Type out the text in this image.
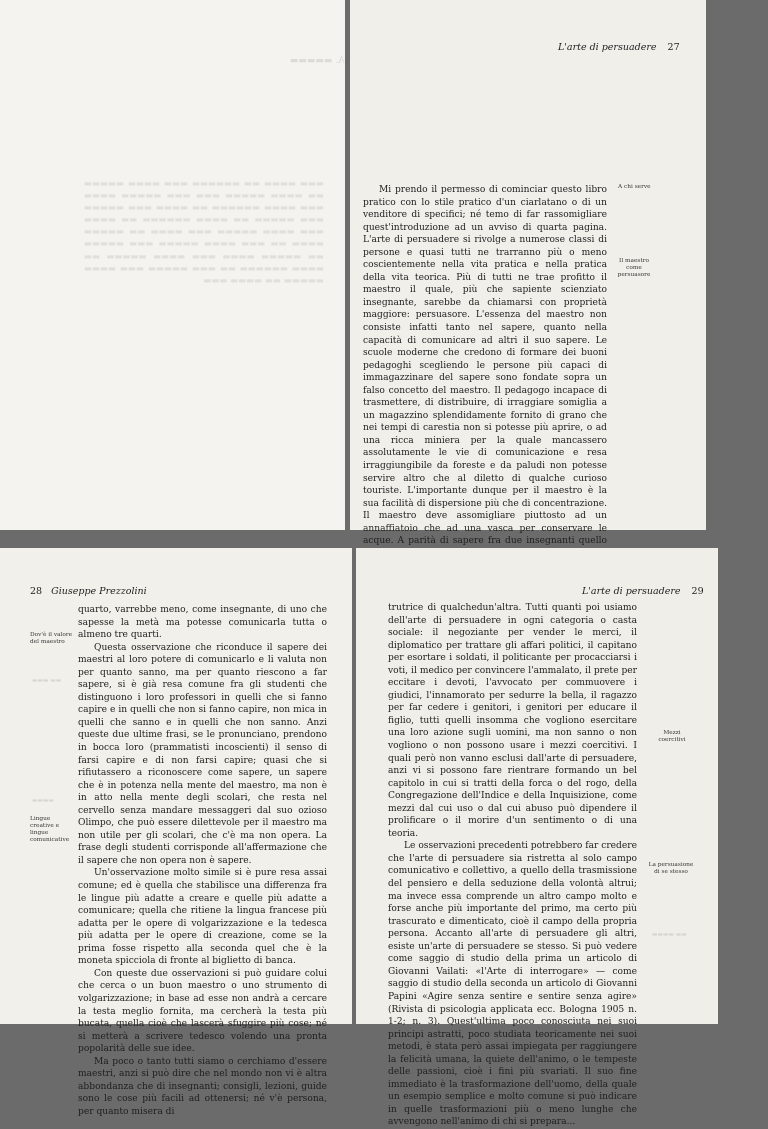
A. ▬▬▬▬▬
▬▬▬ ▬▬▬▬ ▬▬ ▬▬▬▬▬▬ ▬▬▬ ▬▬▬▬ ▬▬▬▬▬ ▬▬ ▬▬▬▬ ▬▬▬▬▬ ▬▬▬ ▬▬▬ ▬▬▬▬▬ ▬▬▬▬ ▬▬▬ ▬▬▬▬ ▬▬▬▬▬▬ ▬▬ ▬▬▬▬ ▬▬▬ ▬▬▬▬▬ ▬▬▬ ▬▬▬▬▬ ▬▬ ▬▬▬▬ ▬▬▬▬▬▬ ▬▬ ▬▬▬▬ ▬▬▬ ▬▬▬▬ ▬▬▬▬▬ ▬▬▬ ▬▬▬▬ ▬▬ ▬▬▬▬▬ ▬▬▬▬ ▬▬ ▬▬▬ ▬▬▬▬ ▬▬▬▬▬ ▬▬▬ ▬▬▬▬▬ ▬▬ ▬▬▬▬▬ ▬▬▬▬ ▬▬▬ ▬▬▬▬ ▬▬▬▬▬ ▬▬ ▬▬▬▬ ▬▬▬▬▬▬ ▬▬ ▬▬▬ ▬▬▬▬▬ ▬▬▬ ▬▬▬▬ ▬▬▬▬▬ ▬▬ ▬▬▬▬ ▬▬▬
L'arte di persuadere 27
A chi serve
Il maestro come persuasore
Mi prendo il permesso di cominciar questo libro pratico con lo stile pratico d'un ciarlatano o di un venditore di specifici; né temo di far rassomigliare quest'introduzione ad un avviso di quarta pagina. L'arte di persuadere si rivolge a numerose classi di persone e quasi tutti ne trarranno più o meno coscientemente nella vita pratica e nella pratica della vita teorica. Più di tutti ne trae profitto il maestro il quale, più che sapiente scienziato insegnante, sarebbe da chiamarsi con proprietà maggiore: persuasore. L'essenza del maestro non consiste infatti tanto nel sapere, quanto nella capacità di comunicare ad altri il suo sapere. Le scuole moderne che credono di formare dei buoni pedagoghi scegliendo le persone più capaci di immagazzinare del sapere sono fondate sopra un falso concetto del maestro. Il pedagogo incapace di trasmettere, di distribuire, di irraggiare somiglia a un magazzino splendidamente fornito di grano che nei tempi di carestia non si potesse più aprire, o ad una ricca miniera per la quale mancassero assolutamente le vie di comunicazione e resa irraggiungibile da foreste e da paludi non potesse servire altro che al diletto di qualche curioso touriste. L'importante dunque per il maestro è la sua facilità di dispersione più che di concentrazione. Il maestro deve assomigliare piuttosto ad un annaffiatoio che ad una vasca per conservare le acque. A parità di sapere fra due insegnanti quello
28 Giuseppe Prezzolini
Dov'è il valore del maestro
Lingue creative e lingue comunicative
▬▬▬ ▬▬
▬▬▬▬

quarto, varrebbe meno, come insegnante, di uno che sapesse la metà ma potesse comunicarla tutta o almeno tre quarti.

Questa osservazione che riconduce il sapere dei maestri al loro potere di comunicarlo e li valuta non per quanto sanno, ma per quanto riescono a far sapere, si è già resa comune fra gli studenti che distinguono i loro professori in quelli che si fanno capire e in quelli che non si fanno capire, non mica in quelli che sanno e in quelli che non sanno. Anzi queste due ultime frasi, se le pronunciano, prendono in bocca loro (prammatisti incoscienti) il senso di farsi capire e di non farsi capire; quasi che si rifiutassero a riconoscere come sapere, un sapere che è in potenza nella mente del maestro, ma non è in atto nella mente degli scolari, che resta nel cervello senza mandare messaggeri dal suo ozioso Olimpo, che può essere dilettevole per il maestro ma non utile per gli scolari, che c'è ma non opera. La frase degli studenti corrisponde all'affermazione che il sapere che non opera non è sapere.

Un'osservazione molto simile si è pure resa assai comune; ed è quella che stabilisce una differenza fra le lingue più adatte a creare e quelle più adatte a comunicare; quella che ritiene la lingua francese più adatta per le opere di volgarizzazione e la tedesca più adatta per le opere di creazione, come se la prima fosse rispetto alla seconda quel che è la moneta spicciola di fronte al biglietto di banca.

Con queste due osservazioni si può guidare colui che cerca o un buon maestro o uno strumento di volgarizzazione; in base ad esse non andrà a cercare la testa meglio fornita, ma cercherà la testa più bucata, quella cioè che lascerà sfuggire più cose; né si metterà a scrivere tedesco volendo una pronta popolarità delle sue idee.

Ma poco o tanto tutti siamo o cerchiamo d'essere maestri, anzi si può dire che nel mondo non vi è altra abbondanza che di insegnanti; consigli, lezioni, guide sono le cose più facili ad ottenersi; né v'è persona, per quanto misera di

L'arte di persuadere 29
Mezzi coercitivi
La persuasione di se stesso
▬▬▬▬ ▬▬

trutrice di qualchedun'altra. Tutti quanti poi usiamo dell'arte di persuadere in ogni categoria o casta sociale: il negoziante per vender le merci, il diplomatico per trattare gli affari politici, il capitano per esortare i soldati, il politicante per procacciarsi i voti, il medico per convincere l'ammalato, il prete per eccitare i devoti, l'avvocato per commuovere i giudici, l'innamorato per sedurre la bella, il ragazzo per far cedere i genitori, i genitori per educare il figlio, tutti quelli insomma che vogliono esercitare una loro azione sugli uomini, ma non sanno o non vogliono o non possono usare i mezzi coercitivi. I quali però non vanno esclusi dall'arte di persuadere, anzi vi si possono fare rientrare formando un bel capitolo in cui si tratti della forca o del rogo, della Congregazione dell'Indice e della Inquisizione, come mezzi dal cui uso o dal cui abuso può dipendere il prolificare o il morire d'un sentimento o di una teoria.

Le osservazioni precedenti potrebbero far credere che l'arte di persuadere sia ristretta al solo campo comunicativo e collettivo, a quello della trasmissione del pensiero e della seduzione della volontà altrui; ma invece essa comprende un altro campo molto e forse anche più importante del primo, ma certo più trascurato e dimenticato, cioè il campo della propria persona. Accanto all'arte di persuadere gli altri, esiste un'arte di persuadere se stesso. Si può vedere come saggio di studio della prima un articolo di Giovanni Vailati: «l'Arte di interrogare» — come saggio di studio della seconda un articolo di Giovanni Papini «Agire senza sentire e sentire senza agire» (Rivista di psicologia applicata ecc. Bologna 1905 n. 1-2; n. 3). Quest'ultima poco conosciuta nei suoi principi astratti, poco studiata teoricamente nei suoi metodi, è stata però assai impiegata per raggiungere la felicità umana, la quiete dell'animo, o le tempeste delle passioni, cioè i fini più svariati. Il suo fine immediato è la trasformazione dell'uomo, della quale un esempio semplice e molto comune si può indicare in quelle trasformazioni più o meno lunghe che avvengono nell'animo di chi si prepara...
